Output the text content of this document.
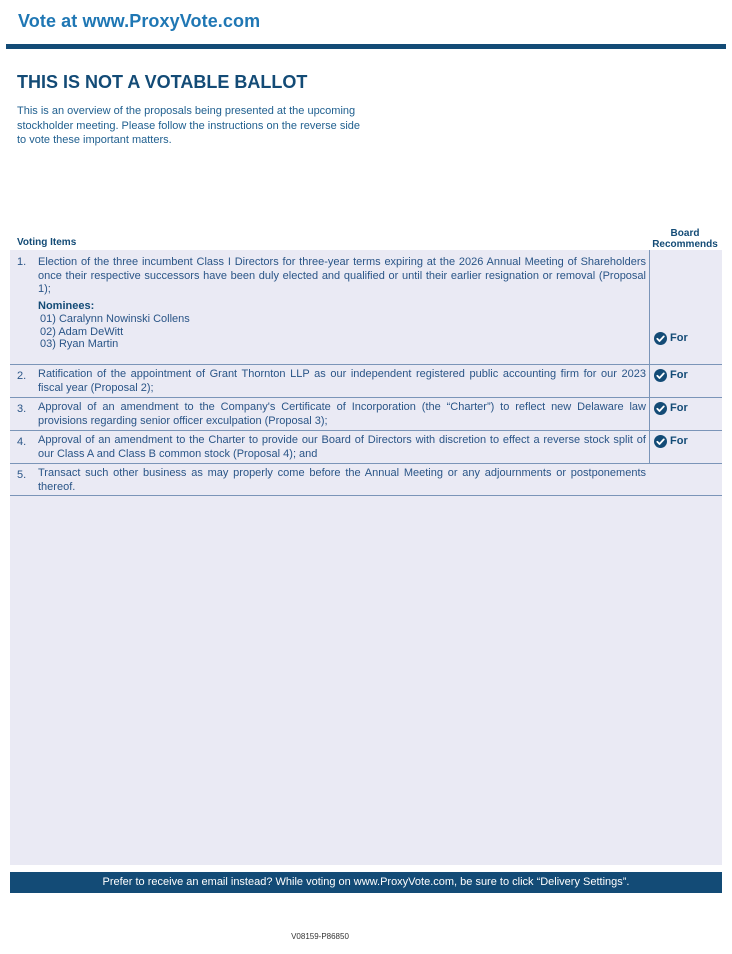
Vote at www.ProxyVote.com
THIS IS NOT A VOTABLE BALLOT
This is an overview of the proposals being presented at the upcoming stockholder meeting. Please follow the instructions on the reverse side to vote these important matters.
Voting Items
Board
Recommends
1.	Election of the three incumbent Class I Directors for three-year terms expiring at the 2026 Annual Meeting of Shareholders once their respective successors have been duly elected and qualified or until their earlier resignation or removal (Proposal 1);
Nominees:
01) Caralynn Nowinski Collens
02) Adam DeWitt
03) Ryan Martin	For
2.	Ratification of the appointment of Grant Thornton LLP as our independent registered public accounting firm for our 2023 fiscal year (Proposal 2);
For
3.	Approval of an amendment to the Company's Certificate of Incorporation (the “Charter”) to reflect new Delaware law provisions regarding senior officer exculpation (Proposal 3);
For
4.	Approval of an amendment to the Charter to provide our Board of Directors with discretion to effect a reverse stock split of our Class A and Class B common stock (Proposal 4); and
For
5.	Transact such other business as may properly come before the Annual Meeting or any adjournments or postponements thereof.
Prefer to receive an email instead? While voting on www.ProxyVote.com, be sure to click “Delivery Settings”.
V08159-P86850
